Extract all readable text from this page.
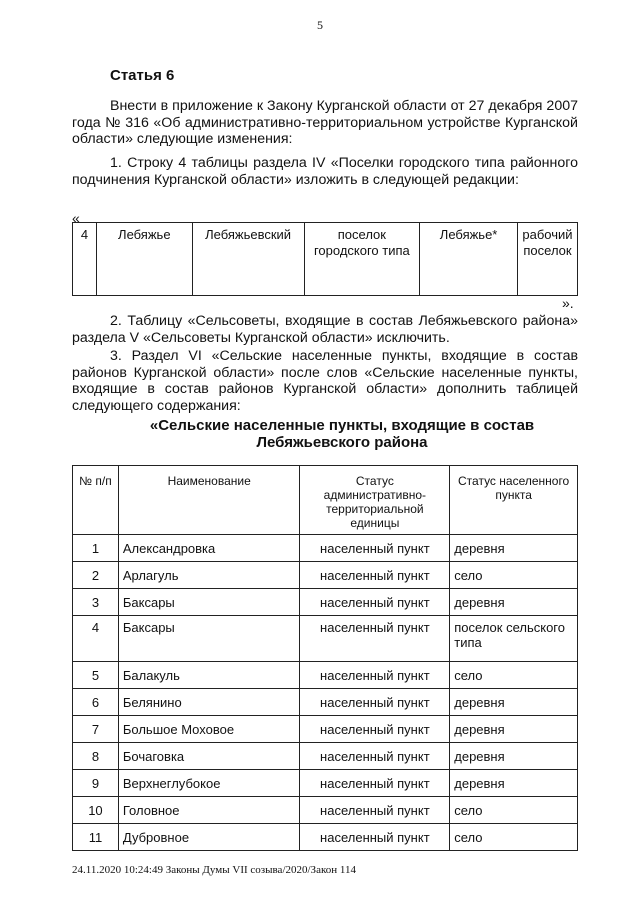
5
Статья 6
Внести в приложение к Закону Курганской области от 27 декабря 2007 года № 316 «Об административно-территориальном устройстве Курганской области» следующие изменения:
1. Строку 4 таблицы раздела IV «Поселки городского типа районного подчинения Курганской области» изложить в следующей редакции:
«
4	Лебяжье	Лебяжьевский	поселок городского типа	Лебяжье*	рабочий поселок
».
2. Таблицу «Сельсоветы, входящие в состав Лебяжьевского района» раздела V «Сельсоветы Курганской области» исключить.
3. Раздел VI «Сельские населенные пункты, входящие в состав районов Курганской области» после слов «Сельские населенные пункты, входящие в состав районов Курганской области» дополнить таблицей следующего содержания:
«Сельские населенные пункты, входящие в состав
Лебяжьевского района
№ п/п	Наименование	Статус административно-территориальной единицы	Статус населенного пункта
1	Александровка	населенный пункт	деревня
2	Арлагуль	населенный пункт	село
3	Баксары	населенный пункт	деревня
4	Баксары	населенный пункт	поселок сельского типа
5	Балакуль	населенный пункт	село
6	Белянино	населенный пункт	деревня
7	Большое Моховое	населенный пункт	деревня
8	Бочаговка	населенный пункт	деревня
9	Верхнеглубокое	населенный пункт	деревня
10	Головное	населенный пункт	село
11	Дубровное	населенный пункт	село
24.11.2020 10:24:49 Законы Думы VII созыва/2020/Закон 114
